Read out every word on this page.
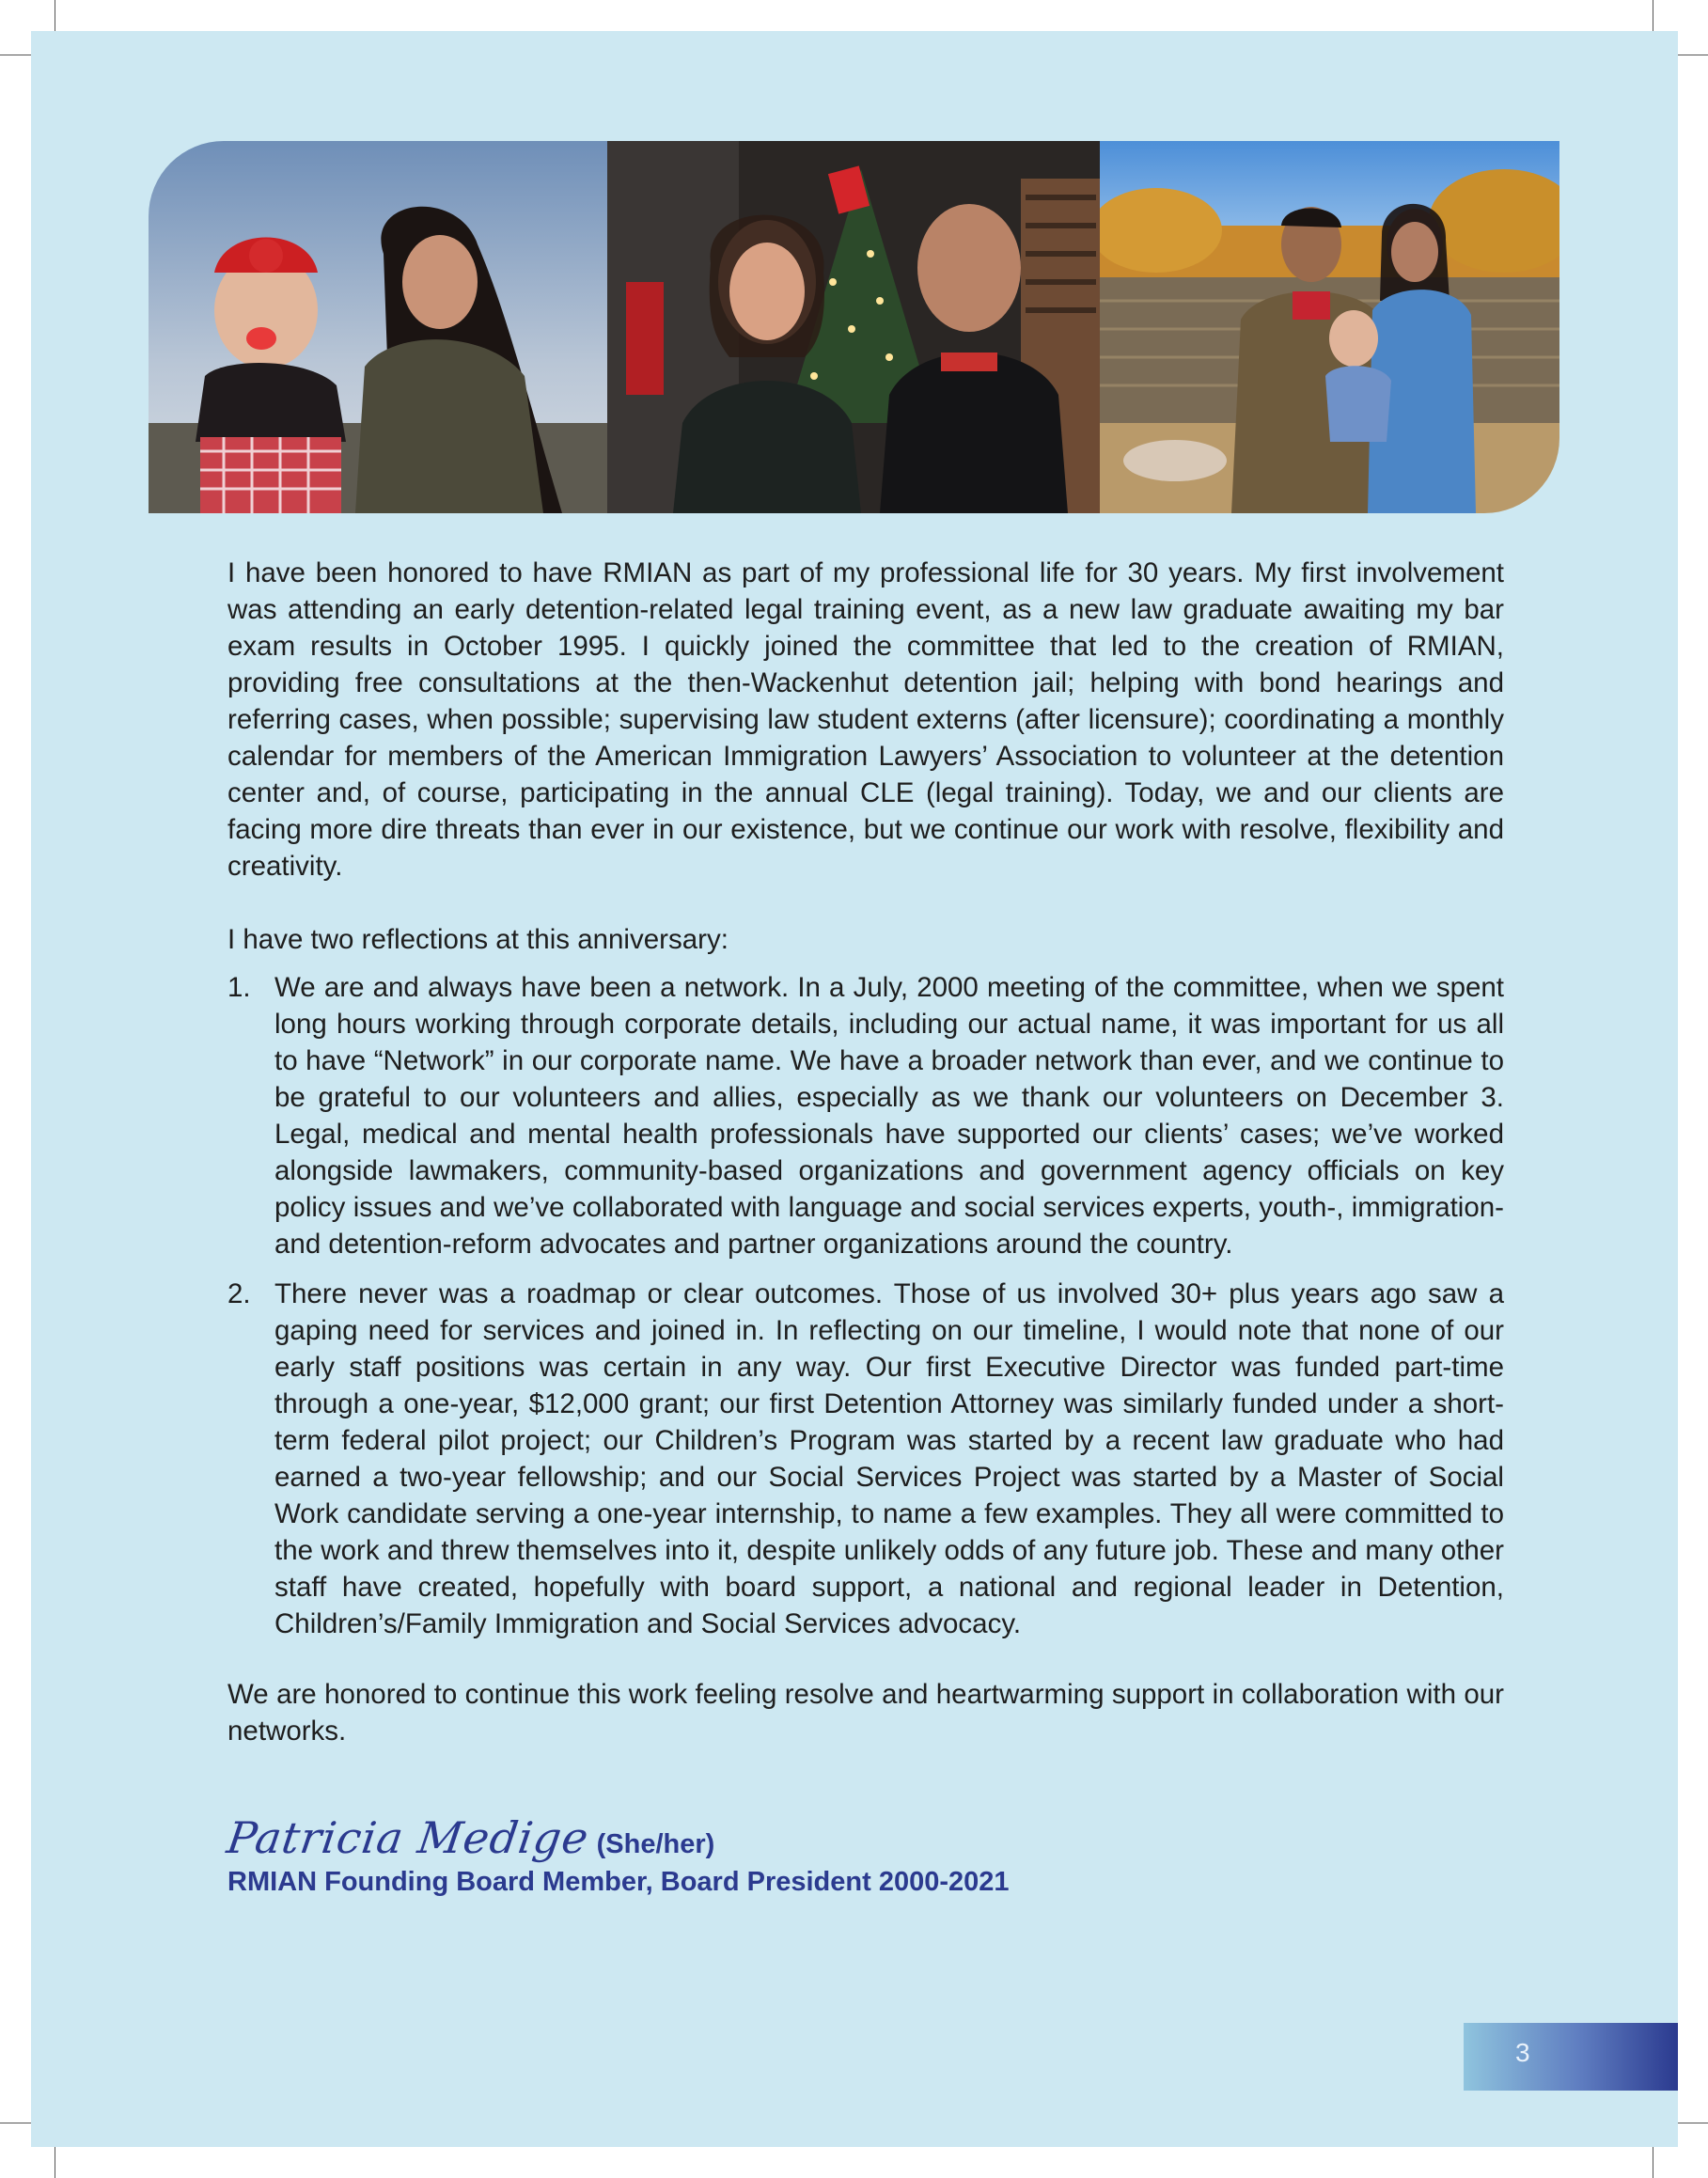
I have been honored to have RMIAN as part of my professional life for 30 years. My first involvement was attending an early detention-related legal training event, as a new law graduate awaiting my bar exam results in October 1995. I quickly joined the committee that led to the creation of RMIAN, providing free consultations at the then-Wackenhut detention jail; helping with bond hearings and referring cases, when possible; supervising law student externs (after licensure); coordinating a monthly calendar for members of the American Immigration Lawyers’ Association to volunteer at the detention center and, of course, participating in the annual CLE (legal training). Today, we and our clients are facing more dire threats than ever in our existence, but we continue our work with resolve, flexibility and creativity.

I have two reflections at this anniversary:

1. We are and always have been a network. In a July, 2000 meeting of the committee, when we spent long hours working through corporate details, including our actual name, it was important for us all to have “Network” in our corporate name. We have a broader network than ever, and we continue to be grateful to our volunteers and allies, especially as we thank our volunteers on December 3. Legal, medical and mental health professionals have supported our clients’ cases; we’ve worked alongside lawmakers, community-based organizations and government agency officials on key policy issues and we’ve collaborated with language and social services experts, youth-, immigration- and detention-reform advocates and partner organizations around the country.
2. There never was a roadmap or clear outcomes. Those of us involved 30+ plus years ago saw a gaping need for services and joined in. In reflecting on our timeline, I would note that none of our early staff positions was certain in any way. Our first Executive Director was funded part-time through a one-year, $12,000 grant; our first Detention Attorney was similarly funded under a short-term federal pilot project; our Children’s Program was started by a recent law graduate who had earned a two-year fellowship; and our Social Services Project was started by a Master of Social Work candidate serving a one-year internship, to name a few examples. They all were committed to the work and threw themselves into it, despite unlikely odds of any future job. These and many other staff have created, hopefully with board support, a national and regional leader in Detention, Children’s/Family Immigration and Social Services advocacy.

We are honored to continue this work feeling resolve and heartwarming support in collaboration with our networks.

Patricia Medige (She/her)
RMIAN Founding Board Member, Board President 2000-2021
3
